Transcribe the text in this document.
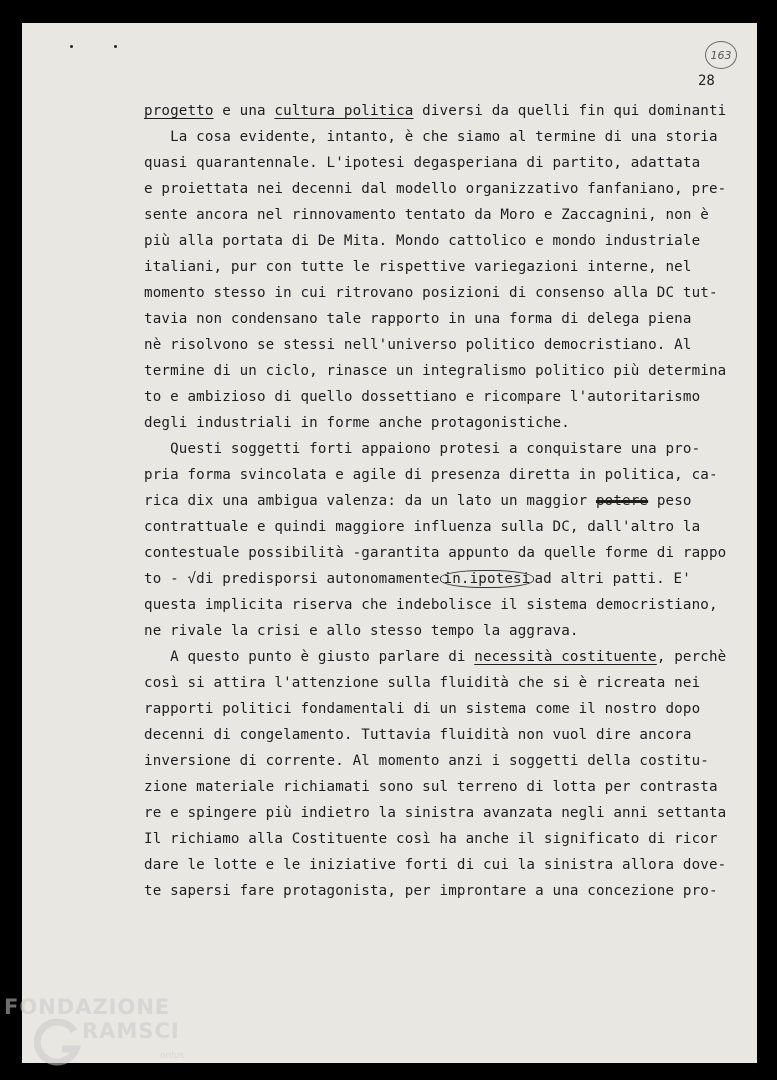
163
28
progetto e una cultura politica diversi da quelli fin qui dominanti
La cosa evidente, intanto, è che siamo al termine di una storia
quasi quarantennale. L'ipotesi degasperiana di partito, adattata
e proiettata nei decenni dal modello organizzativo fanfaniano, pre-
sente ancora nel rinnovamento tentato da Moro e Zaccagnini, non è
più alla portata di De Mita. Mondo cattolico e mondo industriale
italiani, pur con tutte le rispettive variegazioni interne, nel
momento stesso in cui ritrovano posizioni di consenso alla DC tut-
tavia non condensano tale rapporto in una forma di delega piena
nè risolvono se stessi nell'universo politico democristiano. Al
termine di un ciclo, rinasce un integralismo politico più determina
to e ambizioso di quello dossettiano e ricompare l'autoritarismo
degli industriali in forme anche protagonistiche.
Questi soggetti forti appaiono protesi a conquistare una pro-
pria forma svincolata e agile di presenza diretta in politica, ca-
rica dix una ambigua valenza: da un lato un maggior potere peso
contrattuale e quindi maggiore influenza sulla DC, dall'altro la
contestuale possibilità -garantita appunto da quelle forme di rappo
to - √di predisporsi autonomamente in.ipotesi ad altri patti. E'
questa implicita riserva che indebolisce il sistema democristiano,
ne rivale la crisi e allo stesso tempo la aggrava.
A questo punto è giusto parlare di necessità costituente, perchè
così si attira l'attenzione sulla fluidità che si è ricreata nei
rapporti politici fondamentali di un sistema come il nostro dopo
decenni di congelamento. Tuttavia fluidità non vuol dire ancora
inversione di corrente. Al momento anzi i soggetti della costitu-
zione materiale richiamati sono sul terreno di lotta per contrasta
re e spingere più indietro la sinistra avanzata negli anni settanta
Il richiamo alla Costituente così ha anche il significato di ricor
dare le lotte e le iniziative forti di cui la sinistra allora dove-
te sapersi fare protagonista, per improntare a una concezione pro-
FONDAZIONE
RAMSCI
onlus
